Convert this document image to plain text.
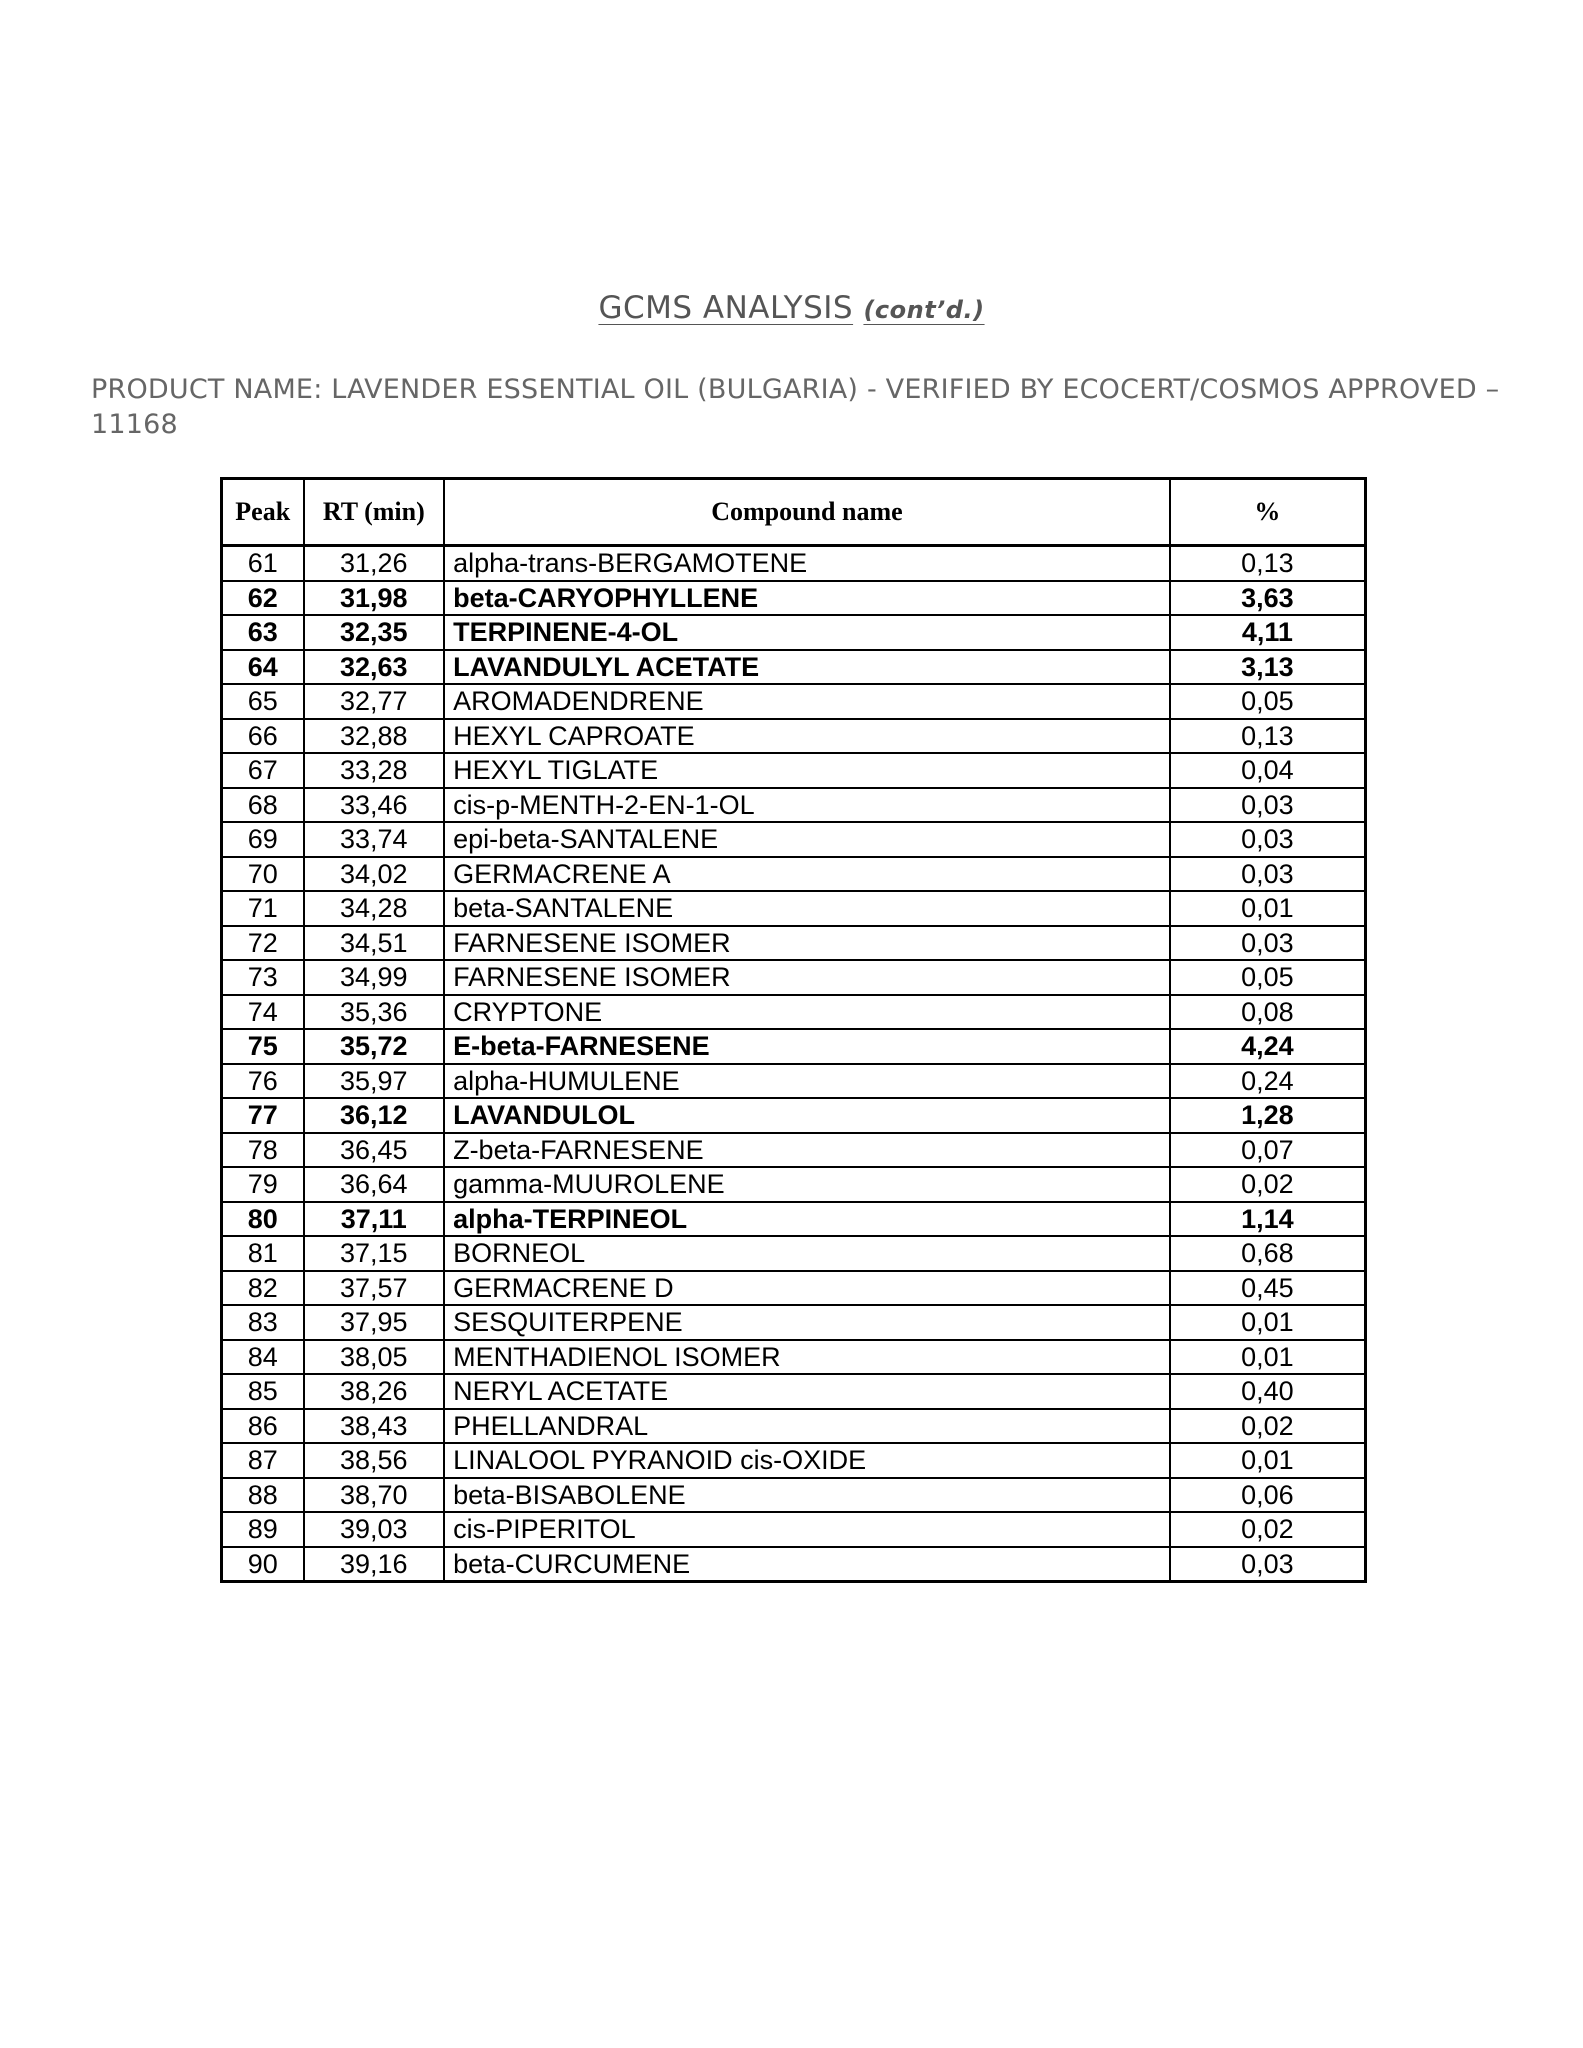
GCMS ANALYSIS (cont’d.)
PRODUCT NAME: LAVENDER ESSENTIAL OIL (BULGARIA) - VERIFIED BY ECOCERT/COSMOS APPROVED – 11168
Peak	RT (min)	Compound name	%
61	31,26	alpha-trans-BERGAMOTENE	0,13
62	31,98	beta-CARYOPHYLLENE	3,63
63	32,35	TERPINENE-4-OL	4,11
64	32,63	LAVANDULYL ACETATE	3,13
65	32,77	AROMADENDRENE	0,05
66	32,88	HEXYL CAPROATE	0,13
67	33,28	HEXYL TIGLATE	0,04
68	33,46	cis-p-MENTH-2-EN-1-OL	0,03
69	33,74	epi-beta-SANTALENE	0,03
70	34,02	GERMACRENE A	0,03
71	34,28	beta-SANTALENE	0,01
72	34,51	FARNESENE ISOMER	0,03
73	34,99	FARNESENE ISOMER	0,05
74	35,36	CRYPTONE	0,08
75	35,72	E-beta-FARNESENE	4,24
76	35,97	alpha-HUMULENE	0,24
77	36,12	LAVANDULOL	1,28
78	36,45	Z-beta-FARNESENE	0,07
79	36,64	gamma-MUUROLENE	0,02
80	37,11	alpha-TERPINEOL	1,14
81	37,15	BORNEOL	0,68
82	37,57	GERMACRENE D	0,45
83	37,95	SESQUITERPENE	0,01
84	38,05	MENTHADIENOL ISOMER	0,01
85	38,26	NERYL ACETATE	0,40
86	38,43	PHELLANDRAL	0,02
87	38,56	LINALOOL PYRANOID cis-OXIDE	0,01
88	38,70	beta-BISABOLENE	0,06
89	39,03	cis-PIPERITOL	0,02
90	39,16	beta-CURCUMENE	0,03
